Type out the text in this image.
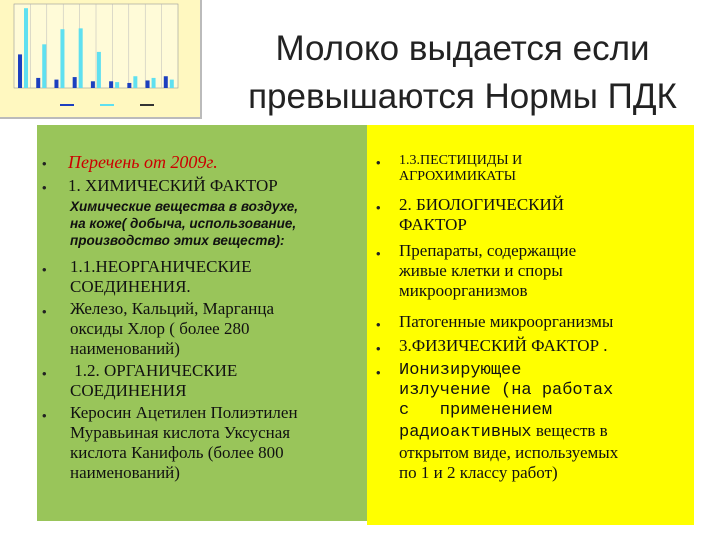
Молоко выдается если
превышаются Нормы ПДК
• Перечень от 2009г.
• 1. ХИМИЧЕСКИЙ ФАКТОР
Химические вещества в воздухе,
на коже( добыча, использование,
производство этих веществ):
• 1.1.НЕОРГАНИЧЕСКИЕ
СОЕДИНЕНИЯ.
• Железо, Кальций, Марганца
оксиды Хлор ( более 280
наименований)
• 1.2. ОРГАНИЧЕСКИЕ
СОЕДИНЕНИЯ
• Керосин Ацетилен Полиэтилен
Муравьиная кислота Уксусная
кислота Канифоль (более 800
наименований)
• 1.3.ПЕСТИЦИДЫ И
АГРОХИМИКАТЫ
• 2. БИОЛОГИЧЕСКИЙ
ФАКТОР
• Препараты, содержащие
живые клетки и споры
микроорганизмов
• Патогенные микроорганизмы
• 3.ФИЗИЧЕСКИЙ ФАКТОР .
• Ионизирующее
излучение (на работах
с   применением
радиоактивных веществ в
открытом виде, используемых
по 1 и 2 классу работ)
